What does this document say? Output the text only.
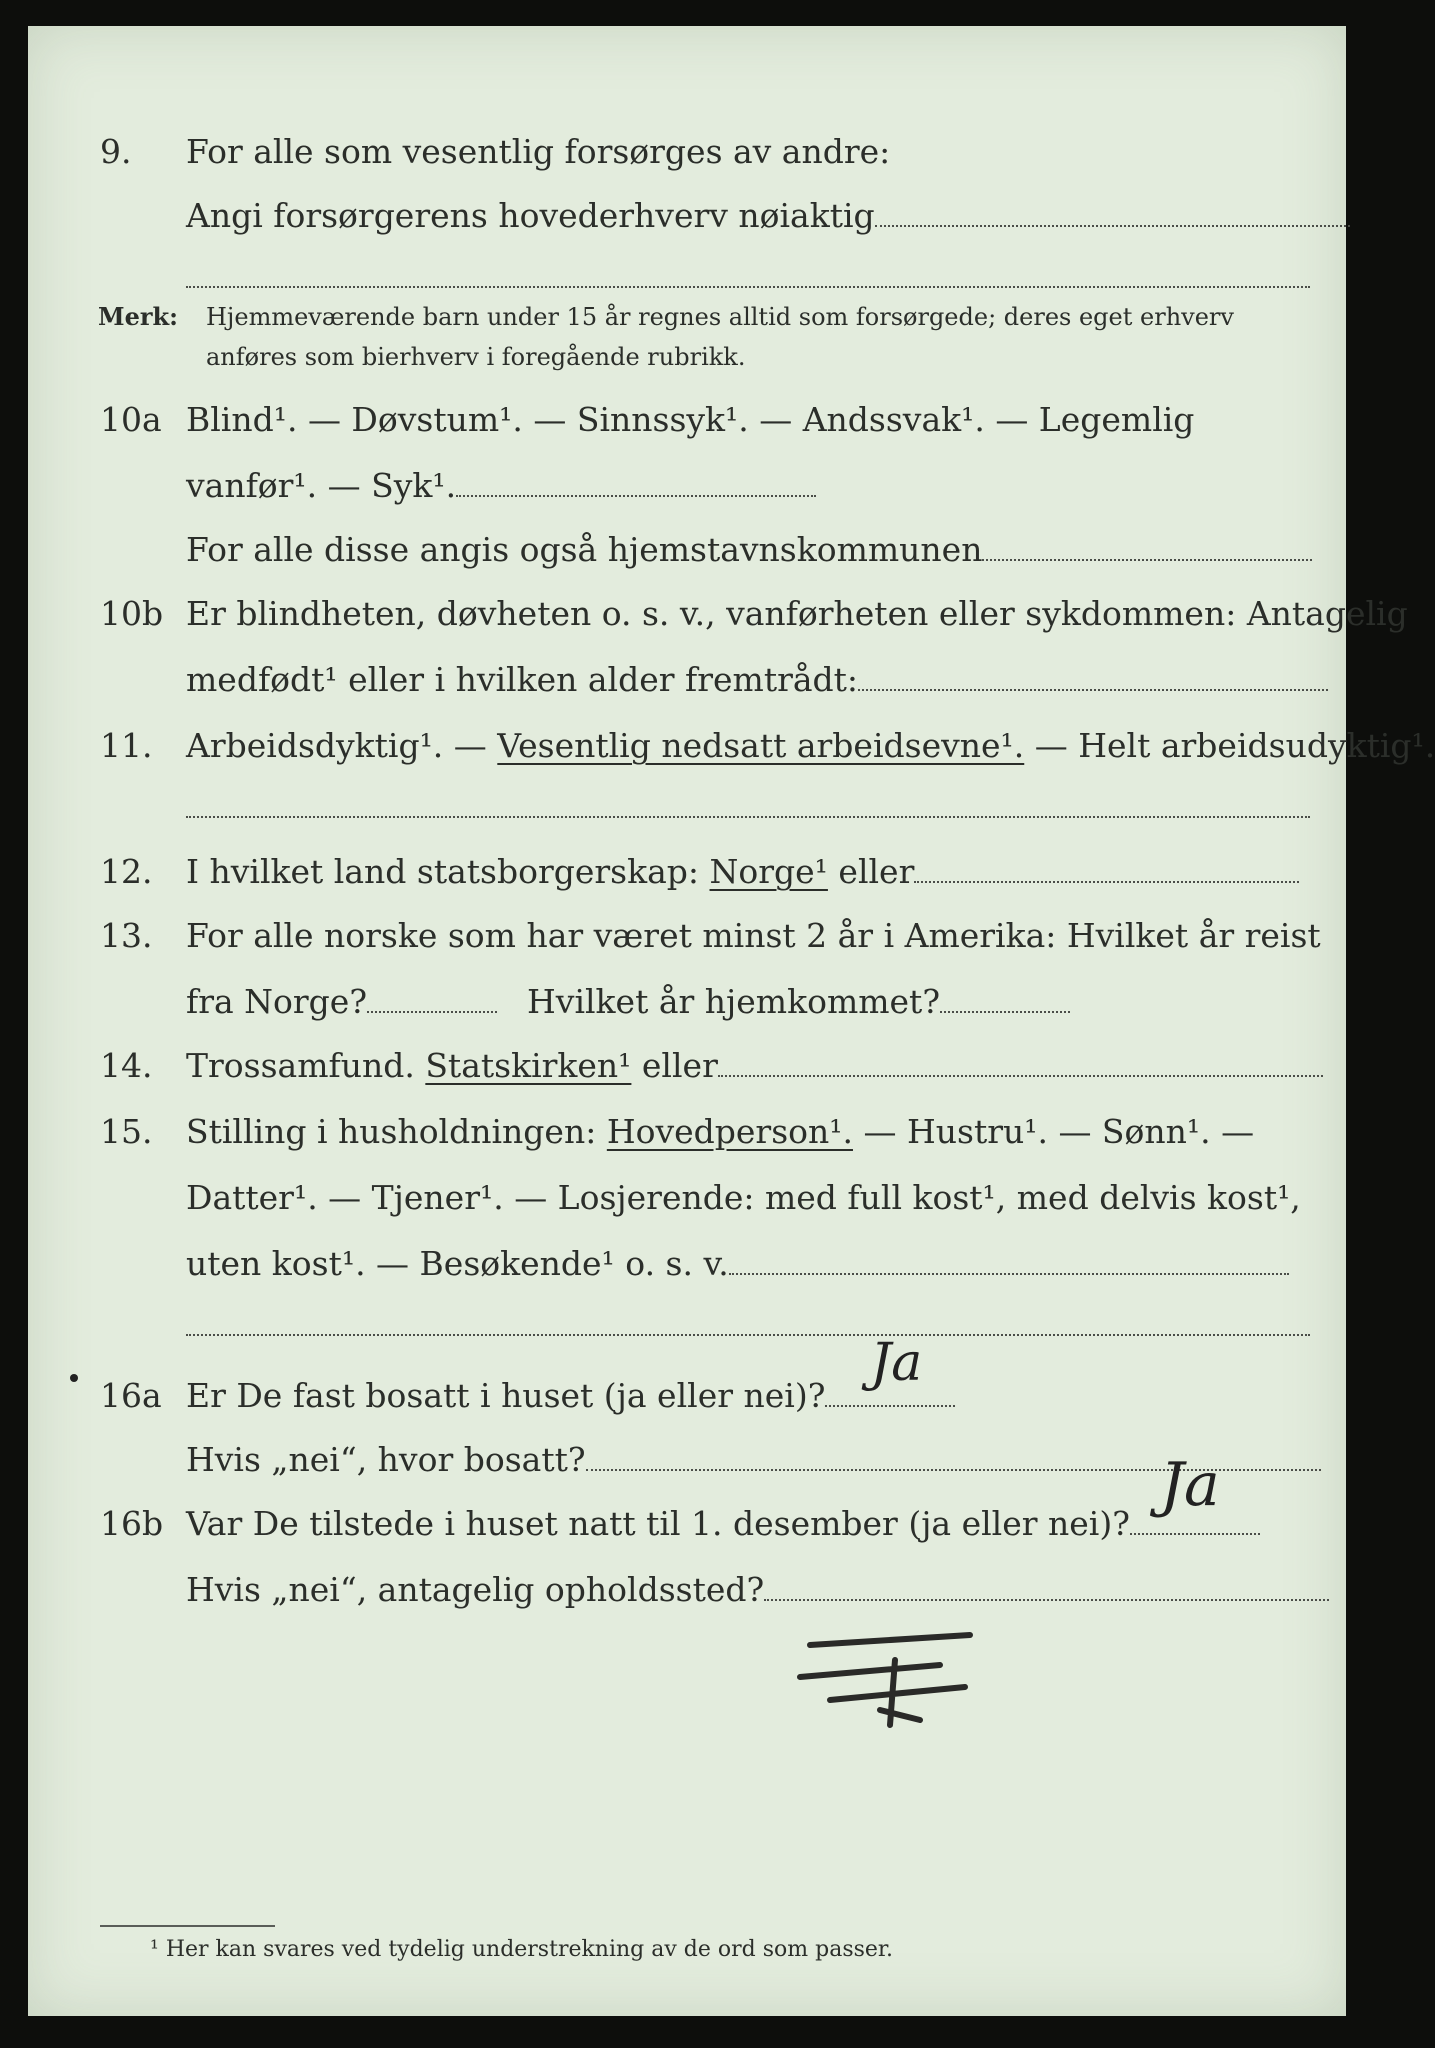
9. For alle som vesentlig forsørges av andre:
Angi forsørgerens hovederhverv nøiaktig
Merk: Hjemmeværende barn under 15 år regnes alltid som forsørgede; deres eget erhverv
anføres som bierhverv i foregående rubrikk.
10a Blind¹. — Døvstum¹. — Sinnssyk¹. — Andssvak¹. — Legemlig
vanfør¹. — Syk¹.
For alle disse angis også hjemstavnskommunen
10b Er blindheten, døvheten o. s. v., vanførheten eller sykdommen: Antagelig
medfødt¹ eller i hvilken alder fremtrådt:
11. Arbeidsdyktig¹. — Vesentlig nedsatt arbeidsevne¹. — Helt arbeidsudyktig¹.
12. I hvilket land statsborgerskap: Norge¹ eller
13. For alle norske som har været minst 2 år i Amerika: Hvilket år reist
fra Norge?	Hvilket år hjemkommet?
14. Trossamfund. Statskirken¹ eller
15. Stilling i husholdningen: Hovedperson¹. — Hustru¹. — Sønn¹. —
Datter¹. — Tjener¹. — Losjerende: med full kost¹, med delvis kost¹,
uten kost¹. — Besøkende¹ o. s. v.
16a Er De fast bosatt i huset (ja eller nei)?
Ja
Hvis „nei“, hvor bosatt?
16b Var De tilstede i huset natt til 1. desember (ja eller nei)?
Ja
Hvis „nei“, antagelig opholdssted?
¹ Her kan svares ved tydelig understrekning av de ord som passer.
